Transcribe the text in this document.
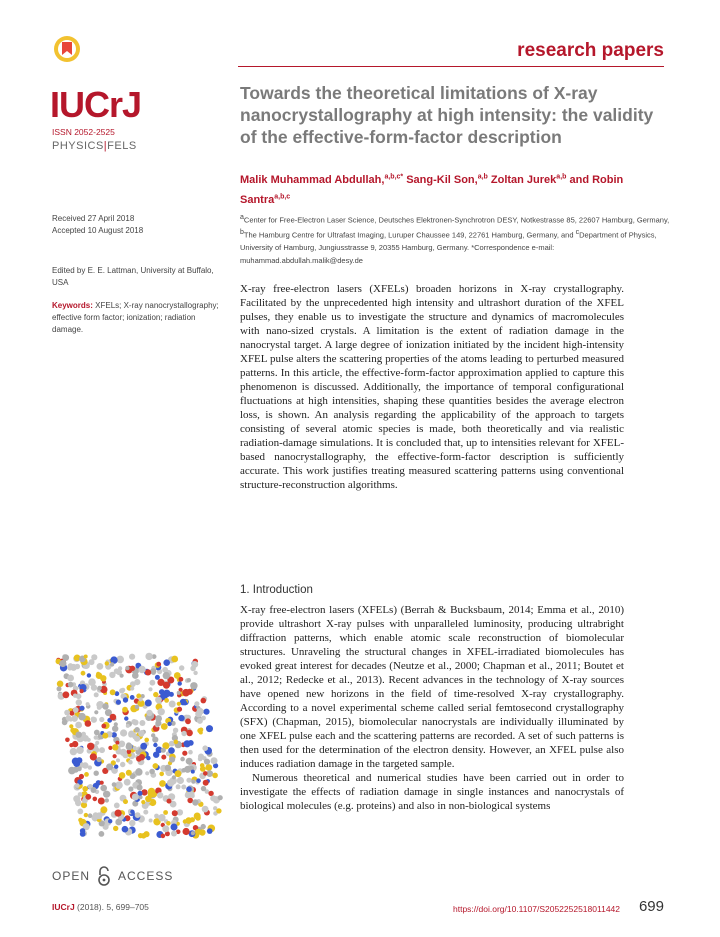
research papers
IUCrJ
ISSN 2052-2525
PHYSICS|FELS
Towards the theoretical limitations of X-ray nanocrystallography at high intensity: the validity of the effective-form-factor description
Malik Muhammad Abdullah,$^{a,b,c*}$ Sang-Kil Son,$^{a,b}$ Zoltan Jurek$^{a,b}$ and Robin Santra$^{a,b,c}$
$^a$Center for Free-Electron Laser Science, Deutsches Elektronen-Synchrotron DESY, Notkestrasse 85, 22607 Hamburg, Germany, $^b$The Hamburg Centre for Ultrafast Imaging, Luruper Chaussee 149, 22761 Hamburg, Germany, and $^c$Department of Physics, University of Hamburg, Jungiusstrasse 9, 20355 Hamburg, Germany. *Correspondence e-mail: muhammad.abdullah.malik@desy.de
Received 27 April 2018
Accepted 10 August 2018
Edited by E. E. Lattman, University at Buffalo, USA
Keywords: XFELs; X-ray nanocrystallography; effective form factor; ionization; radiation damage.
X-ray free-electron lasers (XFELs) broaden horizons in X-ray crystallography. Facilitated by the unprecedented high intensity and ultrashort duration of the XFEL pulses, they enable us to investigate the structure and dynamics of macromolecules with nano-sized crystals. A limitation is the extent of radiation damage in the nanocrystal target. A large degree of ionization initiated by the incident high-intensity XFEL pulse alters the scattering properties of the atoms leading to perturbed measured patterns. In this article, the effective-form-factor approximation applied to capture this phenomenon is discussed. Additionally, the importance of temporal configurational fluctuations at high intensities, shaping these quantities besides the average electron loss, is shown. An analysis regarding the applicability of the approach to targets consisting of several atomic species is made, both theoretically and via realistic radiation-damage simulations. It is concluded that, up to intensities relevant for XFEL-based nanocrystallography, the effective-form-factor description is sufficiently accurate. This work justifies treating measured scattering patterns using conventional structure-reconstruction algorithms.
1. Introduction

X-ray free-electron lasers (XFELs) (Berrah & Bucksbaum, 2014; Emma et al., 2010) provide ultrashort X-ray pulses with unparalleled luminosity, producing ultrabright diffraction patterns, which enable atomic scale reconstruction of biomolecular structures. Unraveling the structural changes in XFEL-irradiated biomolecules has evoked great interest for decades (Neutze et al., 2000; Chapman et al., 2011; Boutet et al., 2012; Redecke et al., 2013). Recent advances in the technology of X-ray sources have opened new horizons in the field of time-resolved X-ray crystallography. According to a novel experimental scheme called serial femtosecond crystallography (SFX) (Chapman, 2015), biomolecular nanocrystals are individually illuminated by one XFEL pulse each and the scattering patterns are recorded. A set of such patterns is then used for the determination of the electron density. However, an XFEL pulse also induces radiation damage in the targeted sample.

Numerous theoretical and numerical studies have been carried out in order to investigate the effects of radiation damage in single instances and nanocrystals of biological molecules (e.g. proteins) and also in non-biological systems

OPEN ACCESS
IUCrJ (2018). 5, 699–705	https://doi.org/10.1107/S2052252518011442 699
